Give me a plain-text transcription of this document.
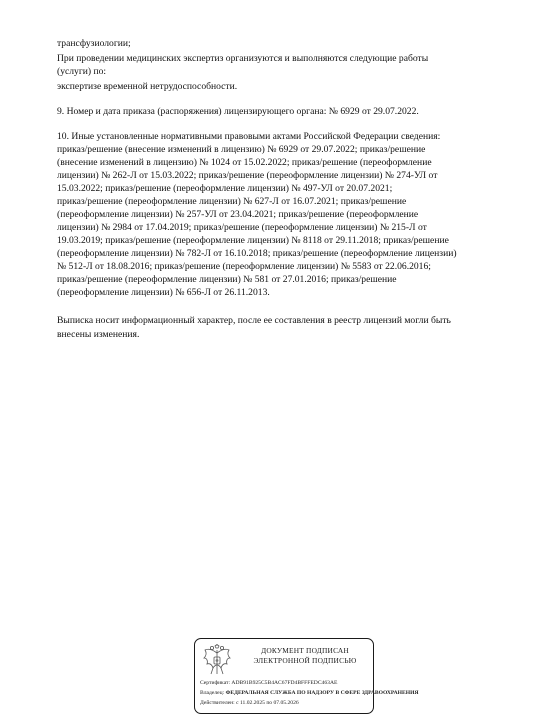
трансфузиологии;
При проведении медицинских экспертиз организуются и выполняются следующие работы
(услуги) по:
экспертизе временной нетрудоспособности.
9. Номер и дата приказа (распоряжения) лицензирующего органа: № 6929 от 29.07.2022.
10. Иные установленные нормативными правовыми актами Российской Федерации сведения:
приказ/решение (внесение изменений в лицензию) № 6929 от 29.07.2022; приказ/решение
(внесение изменений в лицензию) № 1024 от 15.02.2022; приказ/решение (переоформление
лицензии) № 262-Л от 15.03.2022; приказ/решение (переоформление лицензии) № 274-УЛ от
15.03.2022; приказ/решение (переоформление лицензии) № 497-УЛ от 20.07.2021;
приказ/решение (переоформление лицензии) № 627-Л от 16.07.2021; приказ/решение
(переоформление лицензии) № 257-УЛ от 23.04.2021; приказ/решение (переоформление
лицензии) № 2984 от 17.04.2019; приказ/решение (переоформление лицензии) № 215-Л от
19.03.2019; приказ/решение (переоформление лицензии) № 8118 от 29.11.2018; приказ/решение
(переоформление лицензии) № 782-Л от 16.10.2018; приказ/решение (переоформление лицензии)
№ 512-Л от 18.08.2016; приказ/решение (переоформление лицензии) № 5583 от 22.06.2016;
приказ/решение (переоформление лицензии) № 581 от 27.01.2016; приказ/решение
(переоформление лицензии) № 656-Л от 26.11.2013.
Выписка носит информационный характер, после ее составления в реестр лицензий могли быть
внесены изменения.
ДОКУМЕНТ ПОДПИСАН
ЭЛЕКТРОННОЙ ПОДПИСЬЮ
Сертификат: ADB91B925C5B4AC67FD4BFFFEDC463AE
Владелец: ФЕДЕРАЛЬНАЯ СЛУЖБА ПО НАДЗОРУ В СФЕРЕ ЗДРАВООХРАНЕНИЯ
Действителен: с 11.02.2025 по 07.05.2026
